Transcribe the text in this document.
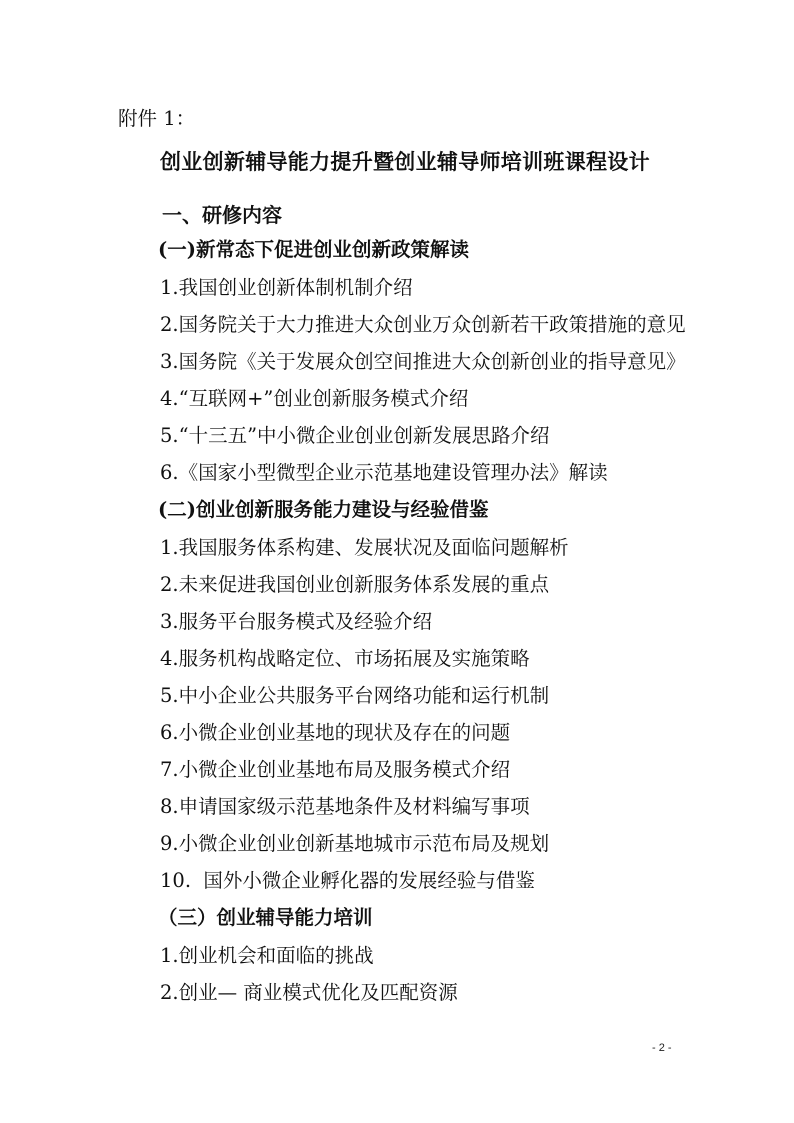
附件 1：
创业创新辅导能力提升暨创业辅导师培训班课程设计
一、研修内容
(一)新常态下促进创业创新政策解读
1.我国创业创新体制机制介绍
2.国务院关于大力推进大众创业万众创新若干政策措施的意见
3.国务院《关于发展众创空间推进大众创新创业的指导意见》
4.“互联网+”创业创新服务模式介绍
5.“十三五”中小微企业创业创新发展思路介绍
6.《国家小型微型企业示范基地建设管理办法》解读
(二)创业创新服务能力建设与经验借鉴
1.我国服务体系构建、发展状况及面临问题解析
2.未来促进我国创业创新服务体系发展的重点
3.服务平台服务模式及经验介绍
4.服务机构战略定位、市场拓展及实施策略
5.中小企业公共服务平台网络功能和运行机制
6.小微企业创业基地的现状及存在的问题
7.小微企业创业基地布局及服务模式介绍
8.申请国家级示范基地条件及材料编写事项
9.小微企业创业创新基地城市示范布局及规划
10.  国外小微企业孵化器的发展经验与借鉴
（三）创业辅导能力培训
1.创业机会和面临的挑战
2.创业— 商业模式优化及匹配资源
- 2 -
